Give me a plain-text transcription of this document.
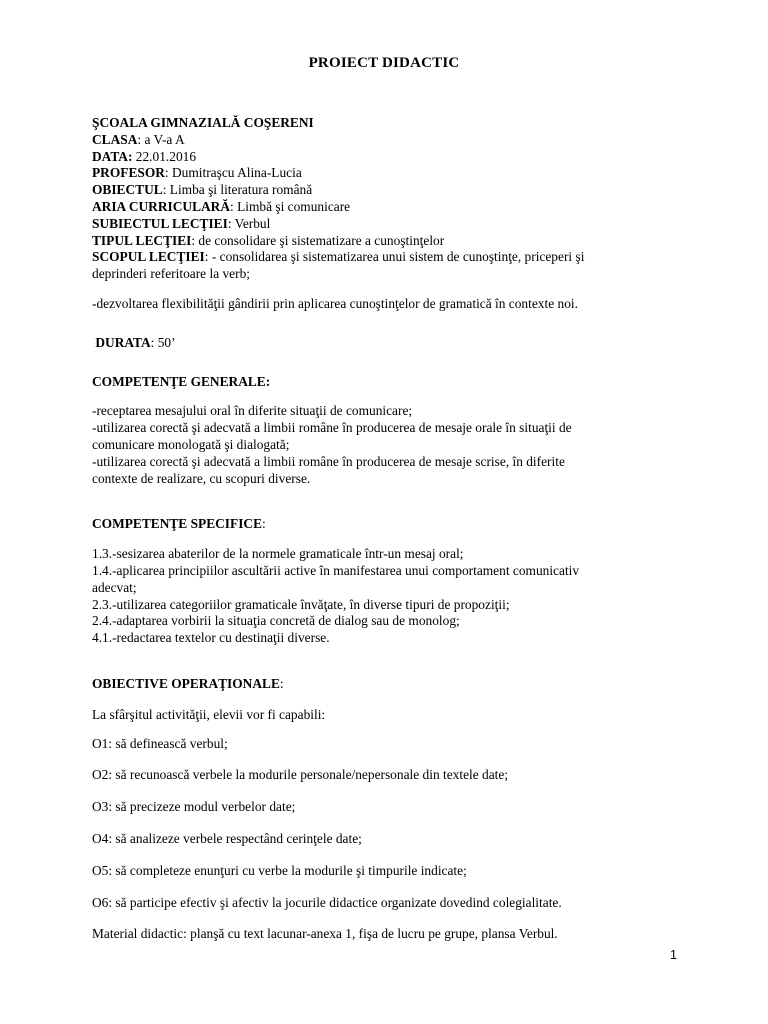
PROIECT DIDACTIC
ŞCOALA GIMNAZIALĂ COŞERENI
CLASA: a V-a A
DATA: 22.01.2016
PROFESOR: Dumitraşcu Alina-Lucia
OBIECTUL: Limba şi literatura română
ARIA CURRICULARĂ: Limbă şi comunicare
SUBIECTUL LECŢIEI: Verbul
TIPUL LECŢIEI: de consolidare şi sistematizare a cunoştinţelor
SCOPUL LECŢIEI: - consolidarea şi sistematizarea unui sistem de cunoştinţe, priceperi şi
deprinderi referitoare la verb;
-dezvoltarea flexibilităţii gândirii prin aplicarea cunoştinţelor de gramatică în contexte noi.
DURATA: 50’
COMPETENŢE GENERALE:
-receptarea mesajului oral în diferite situaţii de comunicare;
-utilizarea corectă şi adecvată a limbii române în producerea de mesaje orale în situaţii de
comunicare monologată şi dialogată;
-utilizarea corectă şi adecvată a limbii române în producerea de mesaje scrise, în diferite
contexte de realizare, cu scopuri diverse.
COMPETENŢE SPECIFICE:
1.3.-sesizarea abaterilor de la normele gramaticale într-un mesaj oral;
1.4.-aplicarea principiilor ascultării active în manifestarea unui comportament comunicativ
adecvat;
2.3.-utilizarea categoriilor gramaticale învăţate, în diverse tipuri de propoziţii;
2.4.-adaptarea vorbirii la situaţia concretă de dialog sau de monolog;
4.1.-redactarea textelor cu destinaţii diverse.
OBIECTIVE OPERAŢIONALE:
La sfârşitul activităţii, elevii vor fi capabili:
O1: să definească verbul;
O2: să recunoască verbele la modurile personale/nepersonale din textele date;
O3: să precizeze modul verbelor date;
O4: să analizeze verbele respectând cerinţele date;
O5: să completeze enunţuri cu verbe la modurile şi timpurile indicate;
O6: să participe efectiv şi afectiv la jocurile didactice organizate dovedind colegialitate.
Material didactic: planşă cu text lacunar-anexa 1, fişa de lucru pe grupe, plansa Verbul.
1
